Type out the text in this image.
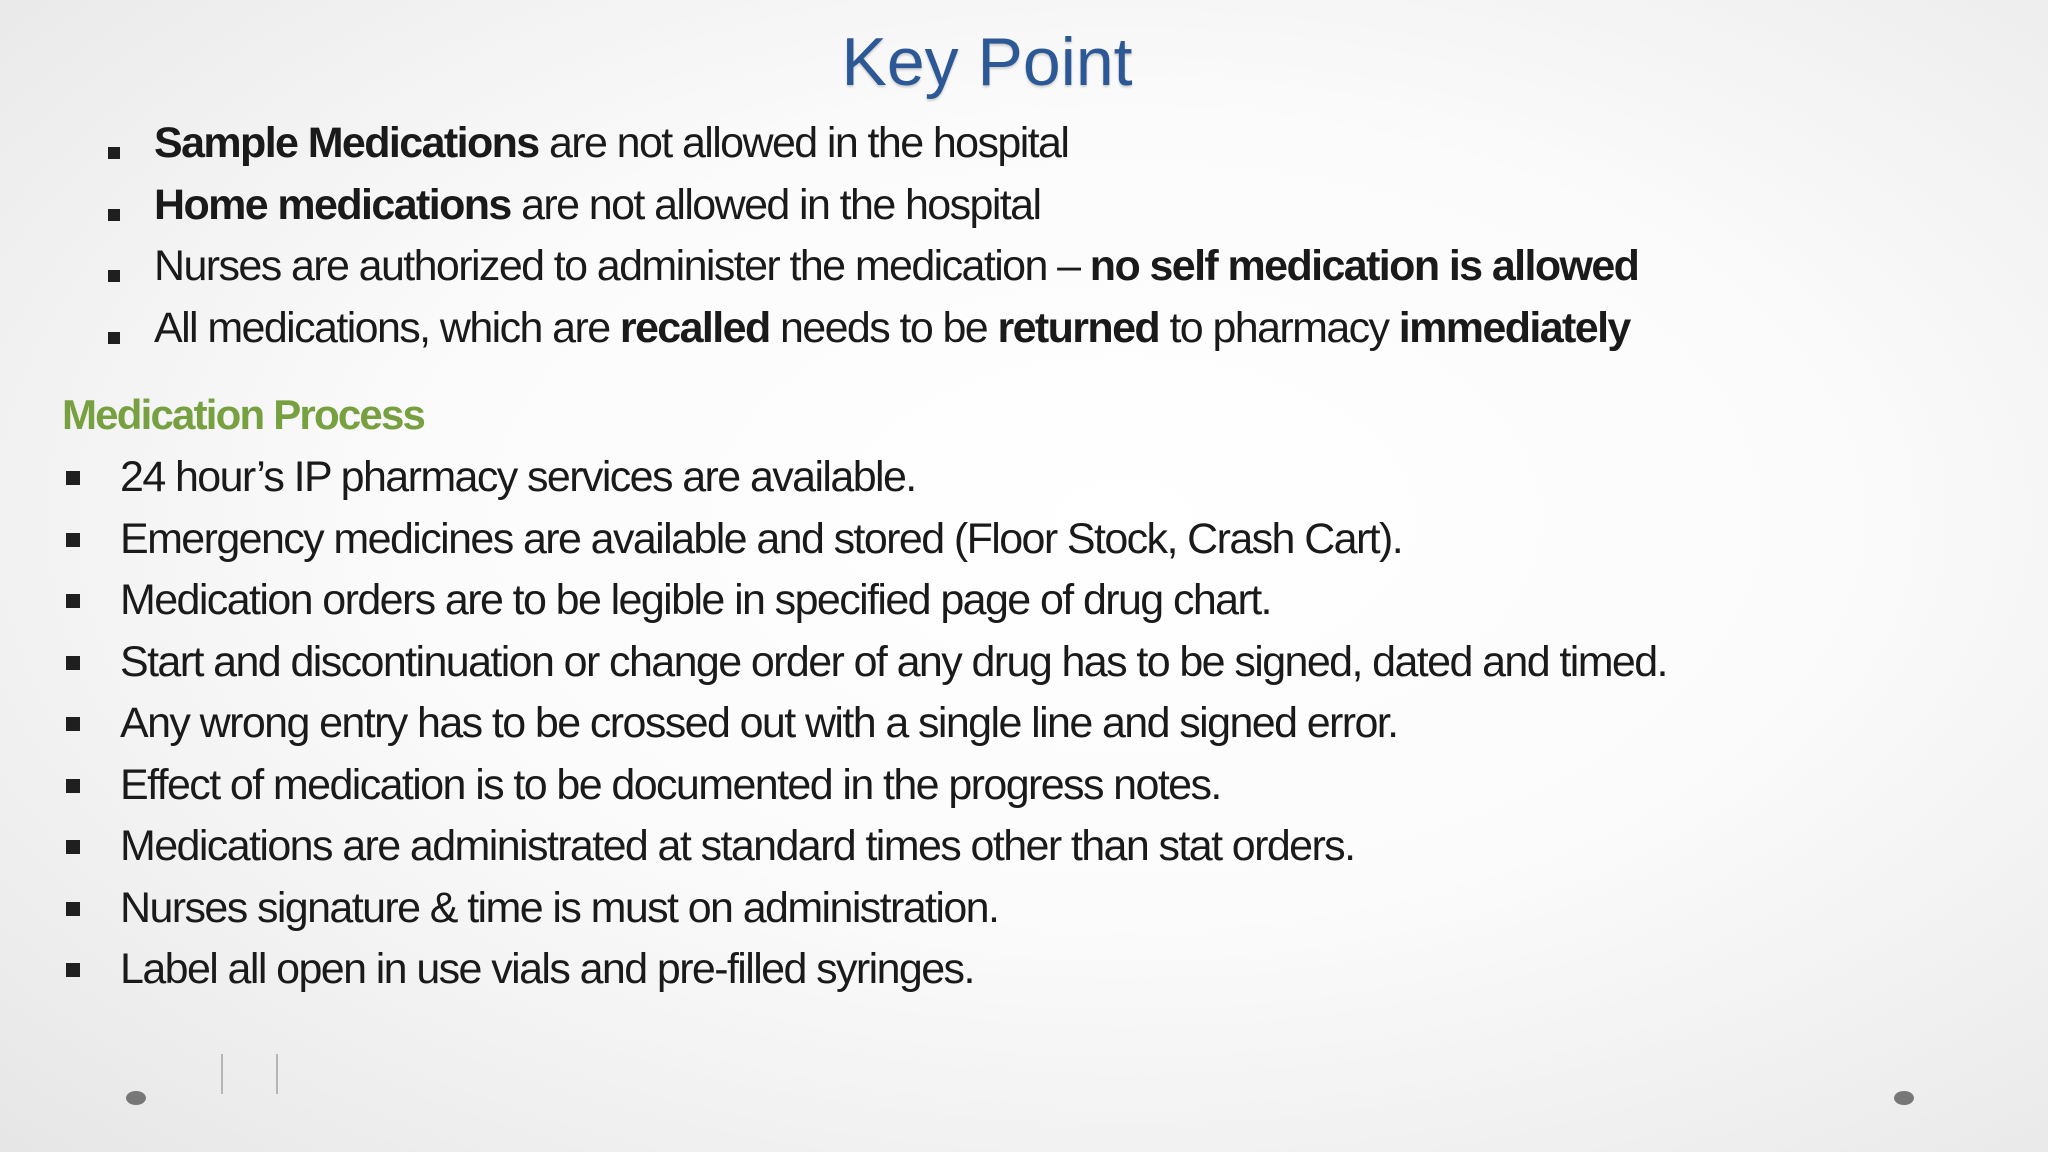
Key Point
Sample Medications are not allowed in the hospital
Home medications are not allowed in the hospital
Nurses are authorized to administer the medication – no self medication is allowed
All medications, which are recalled needs to be returned to pharmacy immediately
Medication Process
24 hour’s IP pharmacy services are available.
Emergency medicines are available and stored (Floor Stock, Crash Cart).
Medication orders are to be legible in specified page of drug chart.
Start and discontinuation or change order of any drug has to be signed, dated and timed.
Any wrong entry has to be crossed out with a single line and signed error.
Effect of medication is to be documented in the progress notes.
Medications are administrated at standard times other than stat orders.
Nurses signature & time is must on administration.
Label all open in use vials and pre-filled syringes.
